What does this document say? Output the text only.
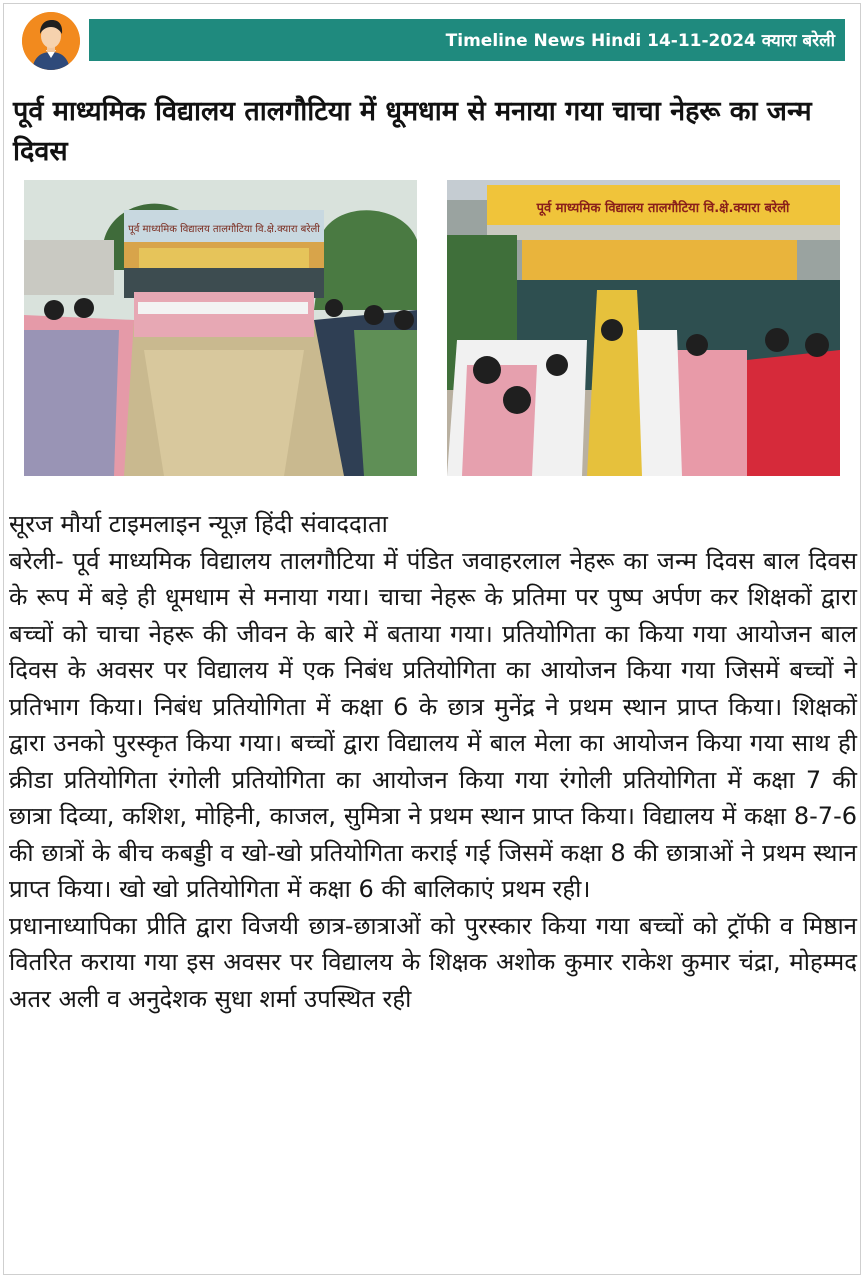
Timeline News Hindi 14-11-2024 क्यारा बरेली
पूर्व माध्यमिक विद्यालय तालगौटिया में धूमधाम से मनाया गया चाचा नेहरू का जन्म दिवस
पूर्व माध्यमिक विद्यालय तालगौटिया वि.क्षे.क्यारा बरेली
पूर्व माध्यमिक विद्यालय तालगौटिया वि.क्षे.क्यारा बरेली

सूरज मौर्या टाइमलाइन न्यूज़ हिंदी संवाददाता

बरेली- पूर्व माध्यमिक विद्यालय तालगौटिया में पंडित जवाहरलाल नेहरू का जन्म दिवस बाल दिवस के रूप में बड़े ही धूमधाम से मनाया गया। चाचा नेहरू के प्रतिमा पर पुष्प अर्पण कर शिक्षकों द्वारा बच्चों को चाचा नेहरू की जीवन के बारे में बताया गया। प्रतियोगिता का किया गया आयोजन बाल दिवस के अवसर पर विद्यालय में एक निबंध प्रतियोगिता का आयोजन किया गया जिसमें बच्चों ने प्रतिभाग किया। निबंध प्रतियोगिता में कक्षा 6 के छात्र मुनेंद्र ने प्रथम स्थान प्राप्त किया। शिक्षकों द्वारा उनको पुरस्कृत किया गया। बच्चों द्वारा विद्यालय में बाल मेला का आयोजन किया गया साथ ही क्रीडा प्रतियोगिता रंगोली प्रतियोगिता का आयोजन किया गया रंगोली प्रतियोगिता में कक्षा 7 की छात्रा दिव्या, कशिश, मोहिनी, काजल, सुमित्रा ने प्रथम स्थान प्राप्त किया। विद्यालय में कक्षा 8-7-6 की छात्रों के बीच कबड्डी व खो-खो प्रतियोगिता कराई गई जिसमें कक्षा 8 की छात्राओं ने प्रथम स्थान प्राप्त किया। खो खो प्रतियोगिता में कक्षा 6 की बालिकाएं प्रथम रही।

प्रधानाध्यापिका प्रीति द्वारा विजयी छात्र-छात्राओं को पुरस्कार किया गया बच्चों को ट्रॉफी व मिष्ठान वितरित कराया गया इस अवसर पर विद्यालय के शिक्षक अशोक कुमार राकेश कुमार चंद्रा, मोहम्मद अतर अली व अनुदेशक सुधा शर्मा उपस्थित रही
